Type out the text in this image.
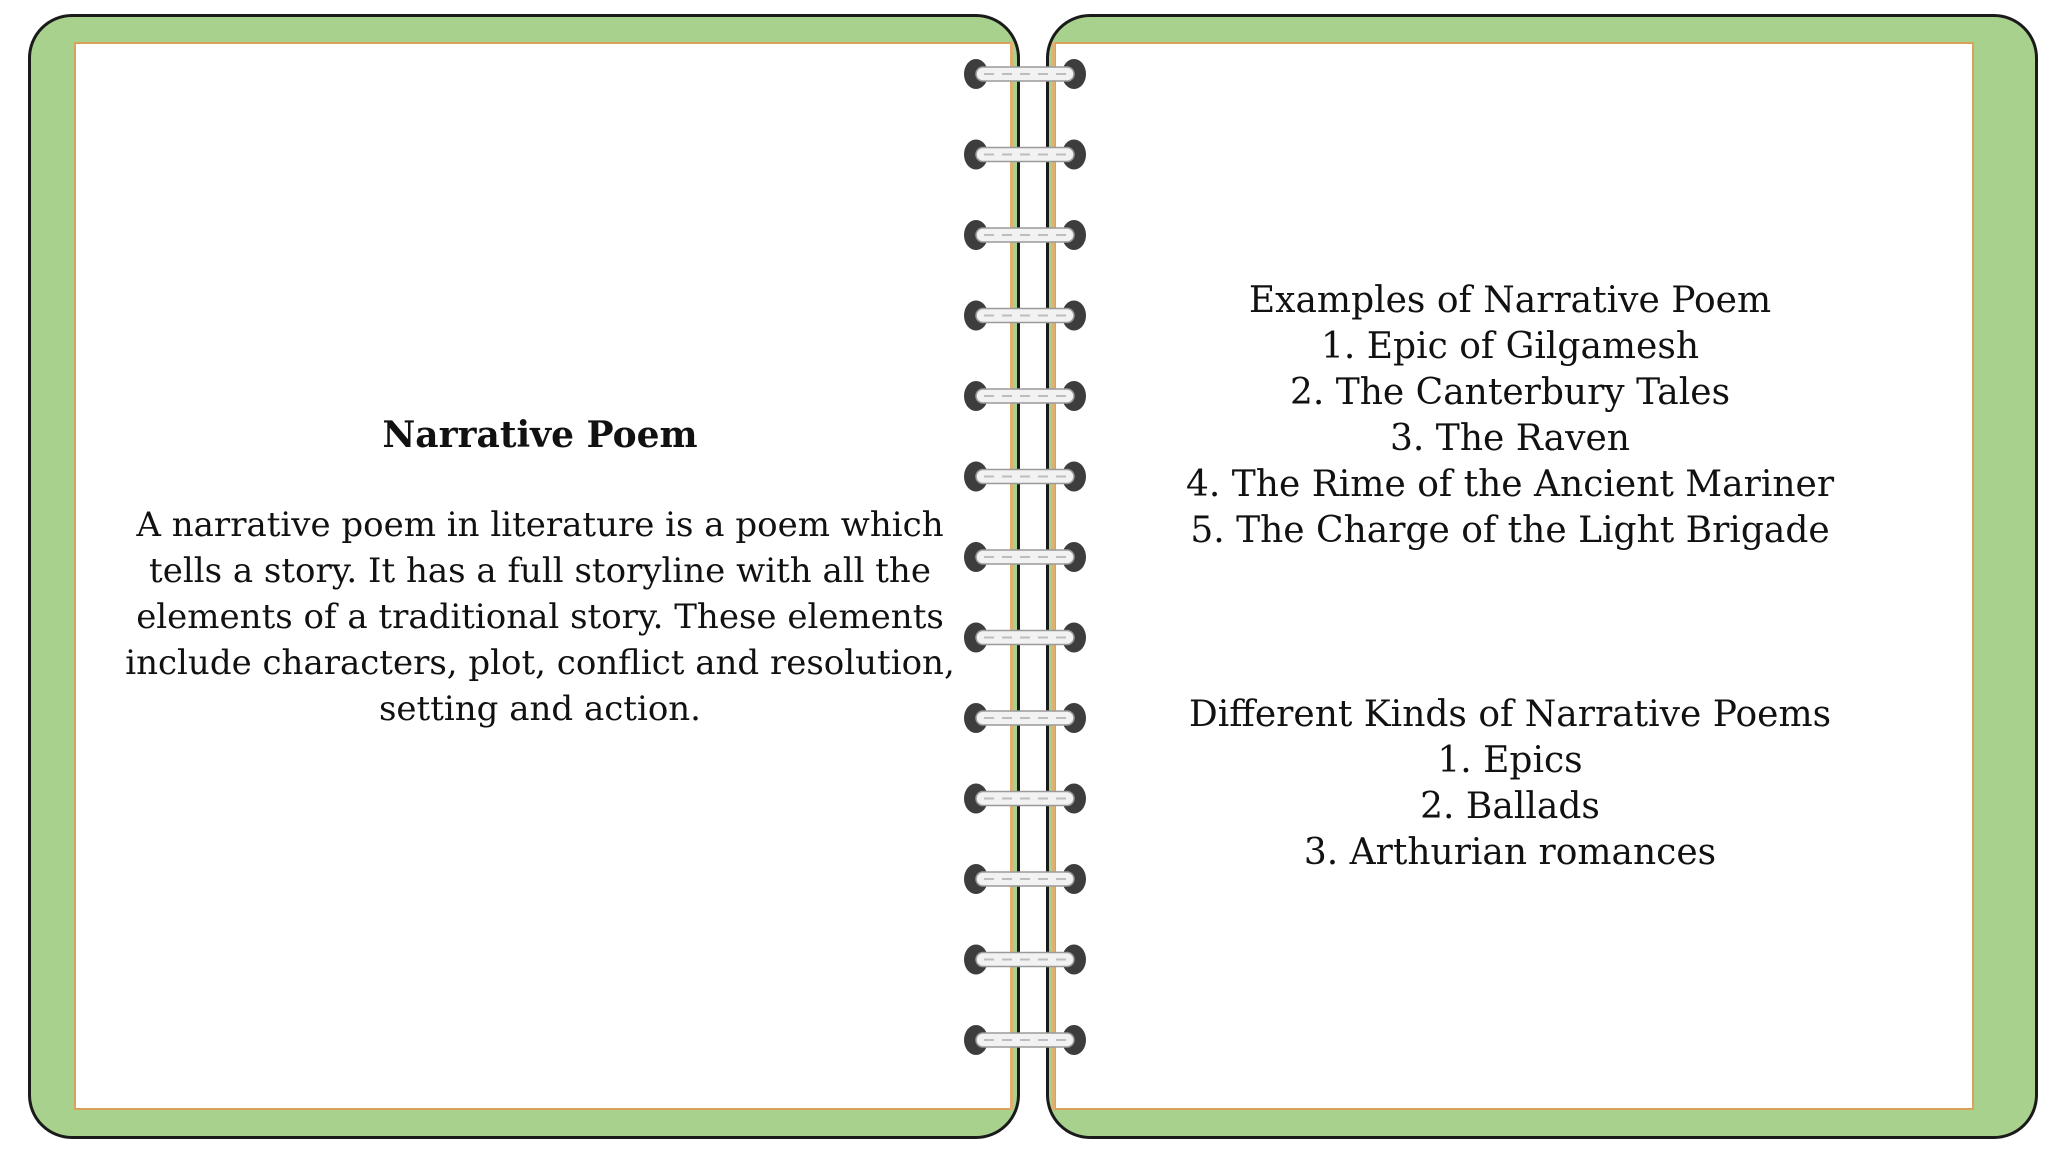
Narrative Poem

A narrative poem in literature is a poem which tells a story. It has a full storyline with all the elements of a traditional story. These elements include characters, plot, conflict and resolution, setting and action.

Examples of Narrative Poem
1. Epic of Gilgamesh
2. The Canterbury Tales
3. The Raven
4. The Rime of the Ancient Mariner
5. The Charge of the Light Brigade
Different Kinds of Narrative Poems
1. Epics
2. Ballads
3. Arthurian romances
